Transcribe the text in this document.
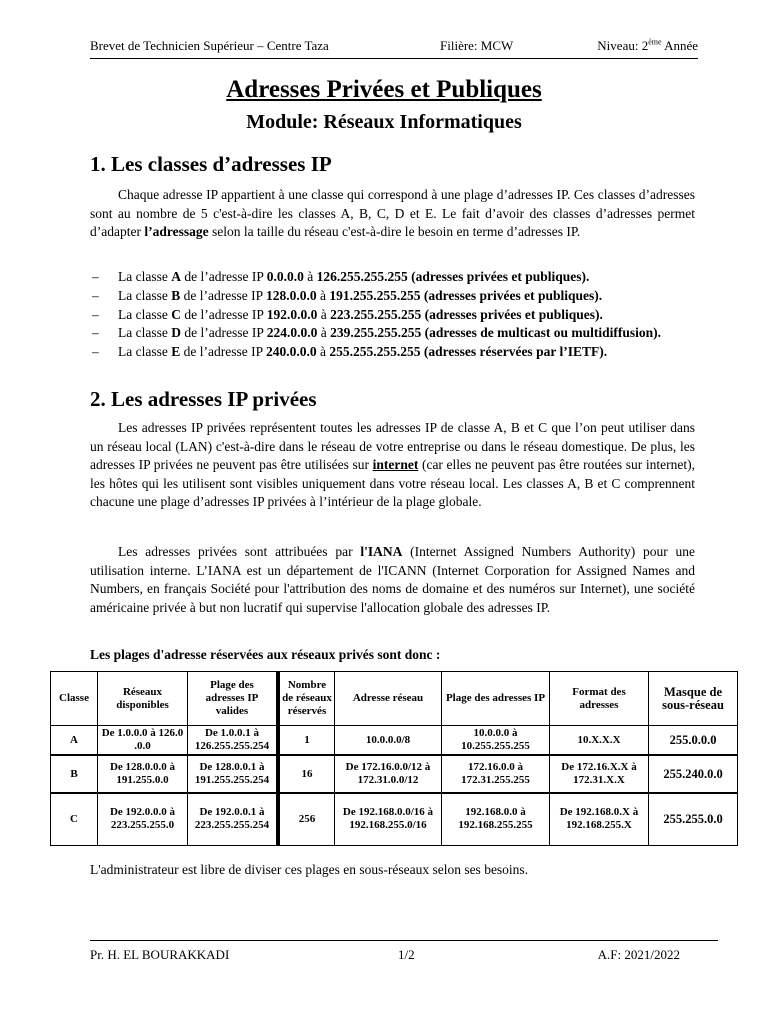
Brevet de Technicien Supérieur – Centre Taza	Filière: MCW	Niveau: 2ème Année
Adresses Privées et Publiques
Module: Réseaux Informatiques
1. Les classes d’adresses IP
Chaque adresse IP appartient à une classe qui correspond à une plage d’adresses IP. Ces classes d’adresses sont au nombre de 5 c'est-à-dire les classes A, B, C, D et E. Le fait d’avoir des classes d’adresses permet d’adapter l’adressage selon la taille du réseau c'est-à-dire le besoin en terme d’adresses IP.
– La classe A de l’adresse IP 0.0.0.0 à 126.255.255.255 (adresses privées et publiques).
– La classe B de l’adresse IP 128.0.0.0 à 191.255.255.255 (adresses privées et publiques).
– La classe C de l’adresse IP 192.0.0.0 à 223.255.255.255 (adresses privées et publiques).
– La classe D de l’adresse IP 224.0.0.0 à 239.255.255.255 (adresses de multicast ou multidiffusion).
– La classe E de l’adresse IP 240.0.0.0 à 255.255.255.255 (adresses réservées par l’IETF).
2. Les adresses IP privées
Les adresses IP privées représentent toutes les adresses IP de classe A, B et C que l’on peut utiliser dans un réseau local (LAN) c'est-à-dire dans le réseau de votre entreprise ou dans le réseau domestique. De plus, les adresses IP privées ne peuvent pas être utilisées sur internet (car elles ne peuvent pas être routées sur internet), les hôtes qui les utilisent sont visibles uniquement dans votre réseau local. Les classes A, B et C comprennent chacune une plage d’adresses IP privées à l’intérieur de la plage globale.
Les adresses privées sont attribuées par l'IANA (Internet Assigned Numbers Authority) pour une utilisation interne. L’IANA est un département de l'ICANN (Internet Corporation for Assigned Names and Numbers, en français Société pour l'attribution des noms de domaine et des numéros sur Internet), une société américaine privée à but non lucratif qui supervise l'allocation globale des adresses IP.
Les plages d'adresse réservées aux réseaux privés sont donc :
Classe	Réseaux disponibles	Plage des adresses IP valides	Nombre de réseaux réservés	Adresse réseau	Plage des adresses IP	Format des adresses	Masque de sous-réseau
A	De 1.0.0.0 à 126.0 .0.0	De 1.0.0.1 à 126.255.255.254	1	10.0.0.0/8	10.0.0.0 à 10.255.255.255	10.X.X.X	255.0.0.0
B	De 128.0.0.0 à 191.255.0.0	De 128.0.0.1 à 191.255.255.254	16	De 172.16.0.0/12 à 172.31.0.0/12	172.16.0.0 à 172.31.255.255	De 172.16.X.X à 172.31.X.X	255.240.0.0
C	De 192.0.0.0 à 223.255.255.0	De 192.0.0.1 à 223.255.255.254	256	De 192.168.0.0/16 à 192.168.255.0/16	192.168.0.0 à 192.168.255.255	De 192.168.0.X à 192.168.255.X	255.255.0.0
L'administrateur est libre de diviser ces plages en sous-réseaux selon ses besoins.
Pr. H. EL BOURAKKADI	1/2	A.F: 2021/2022
